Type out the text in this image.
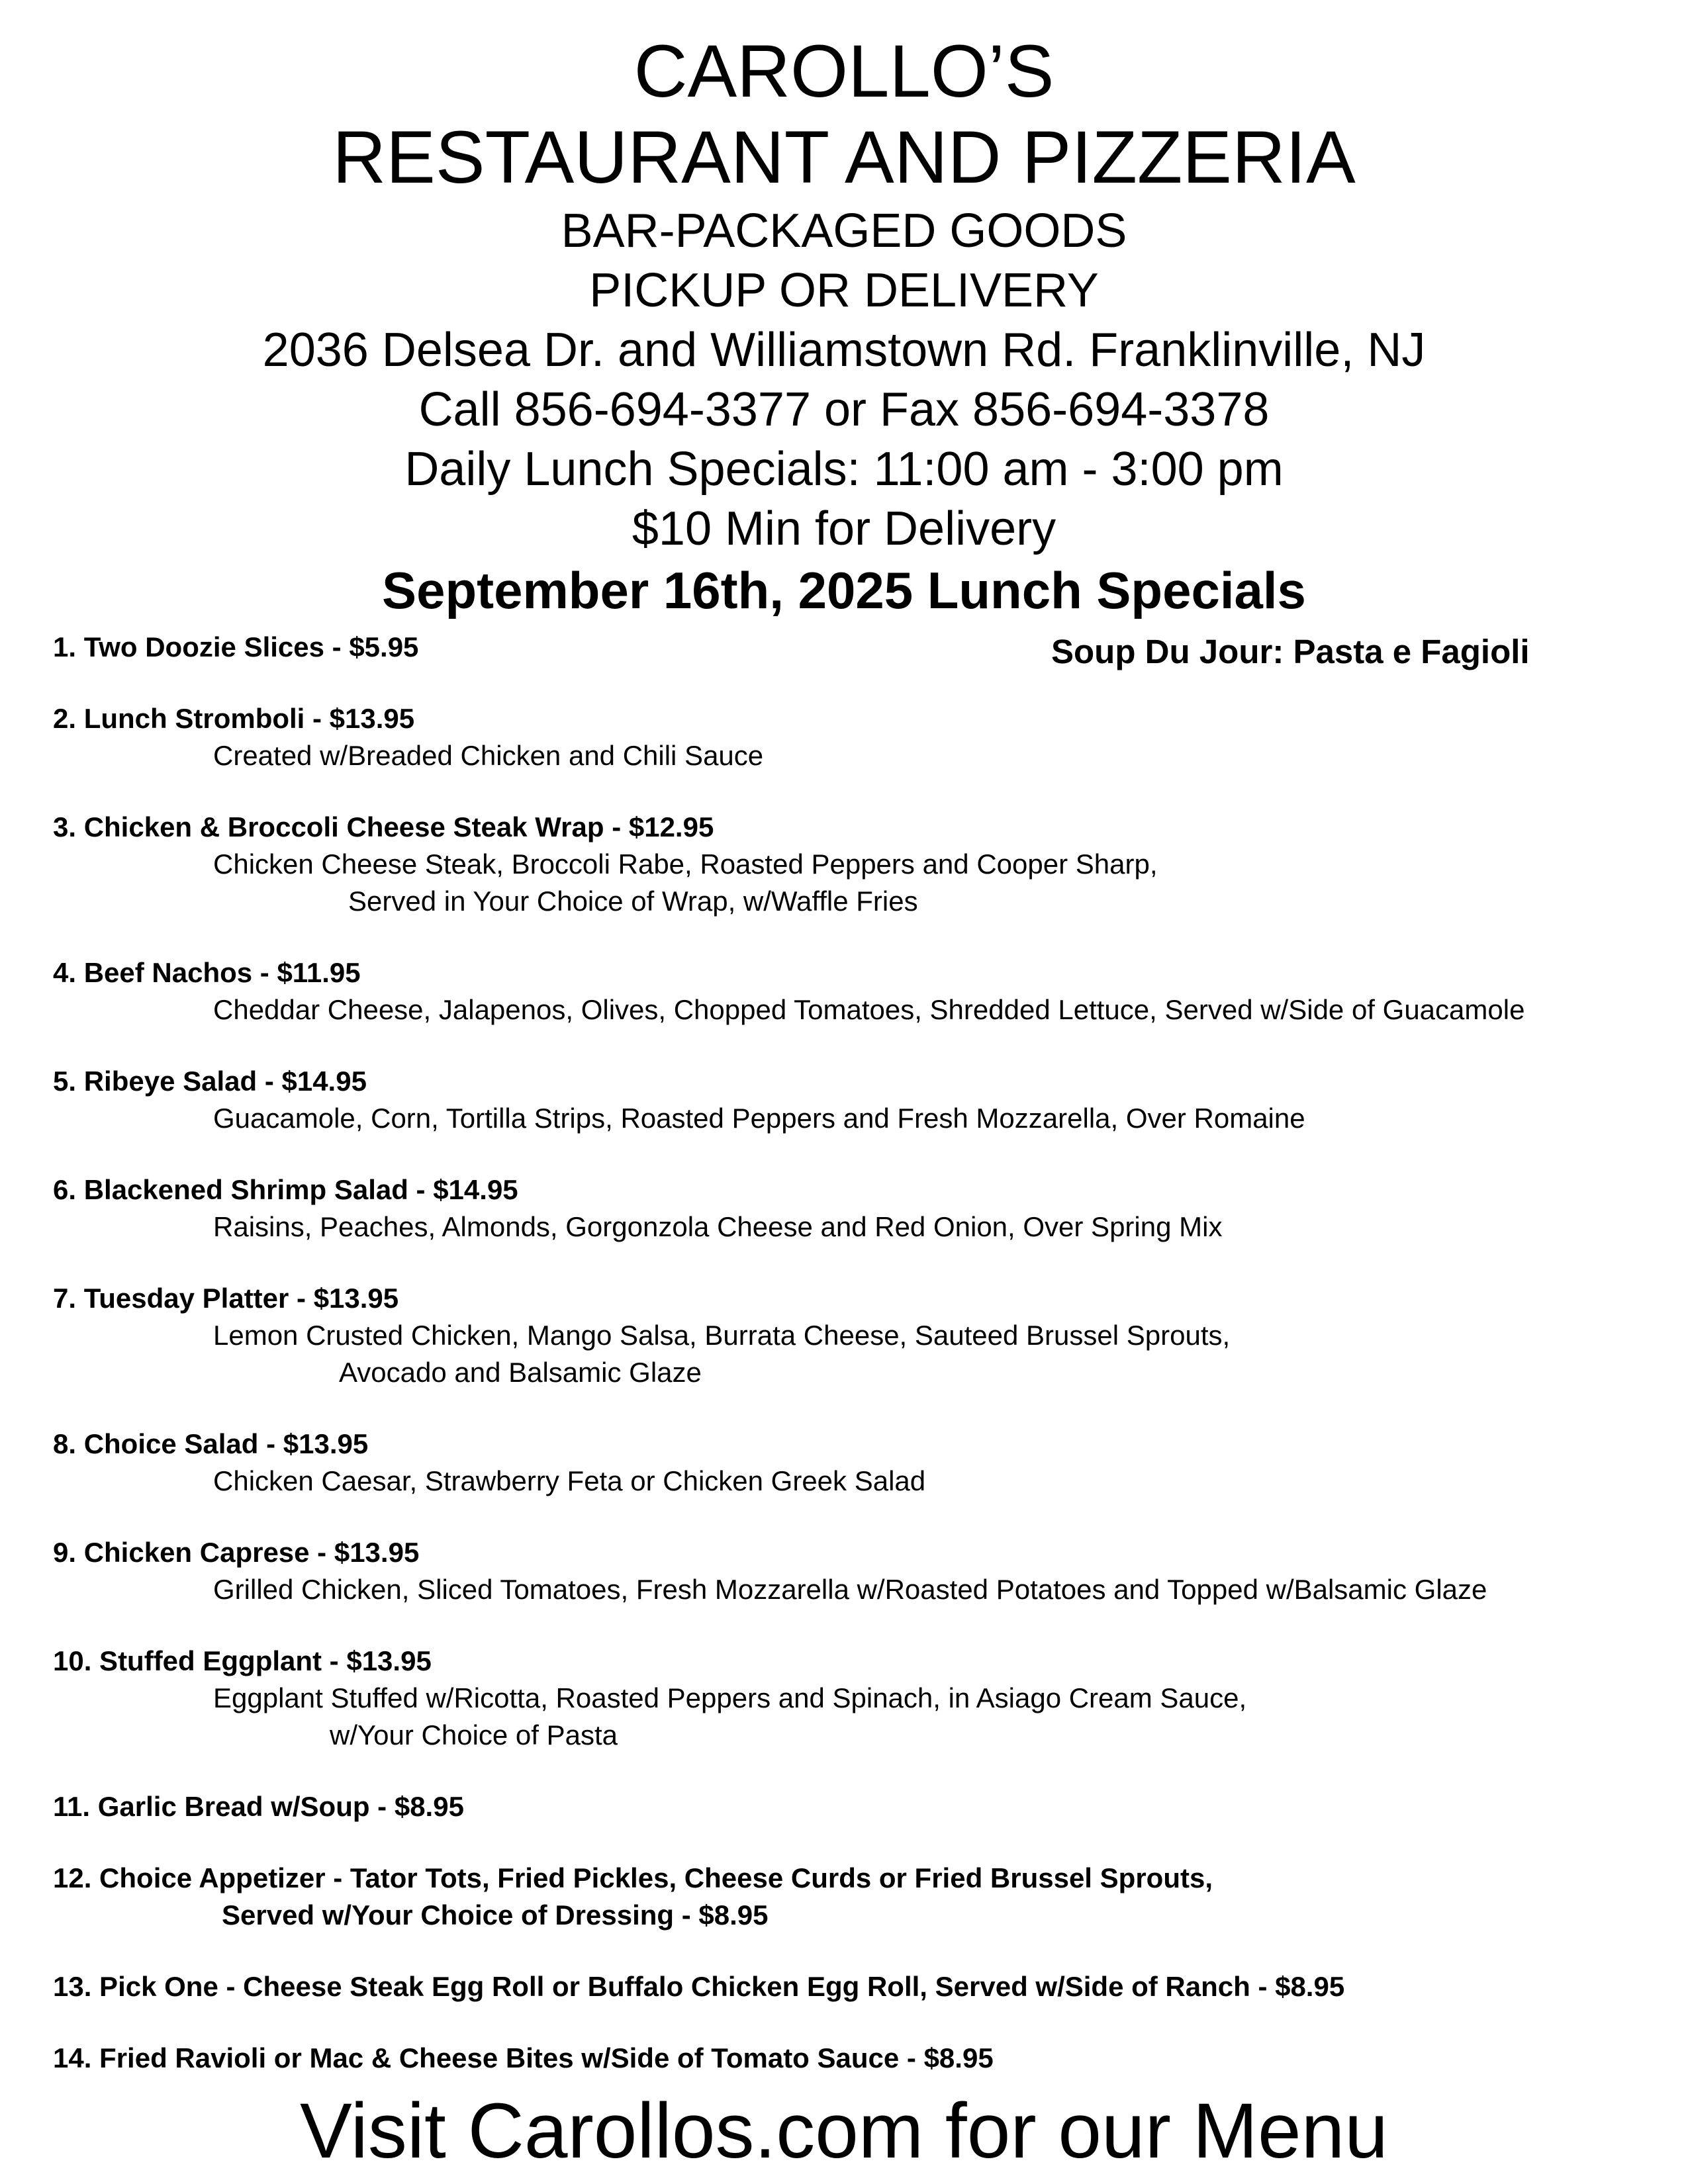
CAROLLO’S
RESTAURANT AND PIZZERIA
BAR-PACKAGED GOODS
PICKUP OR DELIVERY
2036 Delsea Dr. and Williamstown Rd. Franklinville, NJ
Call 856-694-3377 or Fax 856-694-3378
Daily Lunch Specials: 11:00 am - 3:00 pm
$10 Min for Delivery
September 16th, 2025 Lunch Specials
Soup Du Jour: Pasta e Fagioli
1. Two Doozie Slices - $5.95
2. Lunch Stromboli - $13.95
Created w/Breaded Chicken and Chili Sauce
3. Chicken & Broccoli Cheese Steak Wrap - $12.95
Chicken Cheese Steak, Broccoli Rabe, Roasted Peppers and Cooper Sharp,
Served in Your Choice of Wrap, w/Waffle Fries
4. Beef Nachos - $11.95
Cheddar Cheese, Jalapenos, Olives, Chopped Tomatoes, Shredded Lettuce, Served w/Side of Guacamole
5. Ribeye Salad - $14.95
Guacamole, Corn, Tortilla Strips, Roasted Peppers and Fresh Mozzarella, Over Romaine
6. Blackened Shrimp Salad - $14.95
Raisins, Peaches, Almonds, Gorgonzola Cheese and Red Onion, Over Spring Mix
7. Tuesday Platter - $13.95
Lemon Crusted Chicken, Mango Salsa, Burrata Cheese, Sauteed Brussel Sprouts,
Avocado and Balsamic Glaze
8. Choice Salad - $13.95
Chicken Caesar, Strawberry Feta or Chicken Greek Salad
9. Chicken Caprese - $13.95
Grilled Chicken, Sliced Tomatoes, Fresh Mozzarella w/Roasted Potatoes and Topped w/Balsamic Glaze
10. Stuffed Eggplant - $13.95
Eggplant Stuffed w/Ricotta, Roasted Peppers and Spinach, in Asiago Cream Sauce,
w/Your Choice of Pasta
11. Garlic Bread w/Soup - $8.95
12. Choice Appetizer - Tator Tots, Fried Pickles, Cheese Curds or Fried Brussel Sprouts,
Served w/Your Choice of Dressing - $8.95
13. Pick One - Cheese Steak Egg Roll or Buffalo Chicken Egg Roll, Served w/Side of Ranch - $8.95
14. Fried Ravioli or Mac & Cheese Bites w/Side of Tomato Sauce - $8.95
Visit Carollos.com for our Menu
